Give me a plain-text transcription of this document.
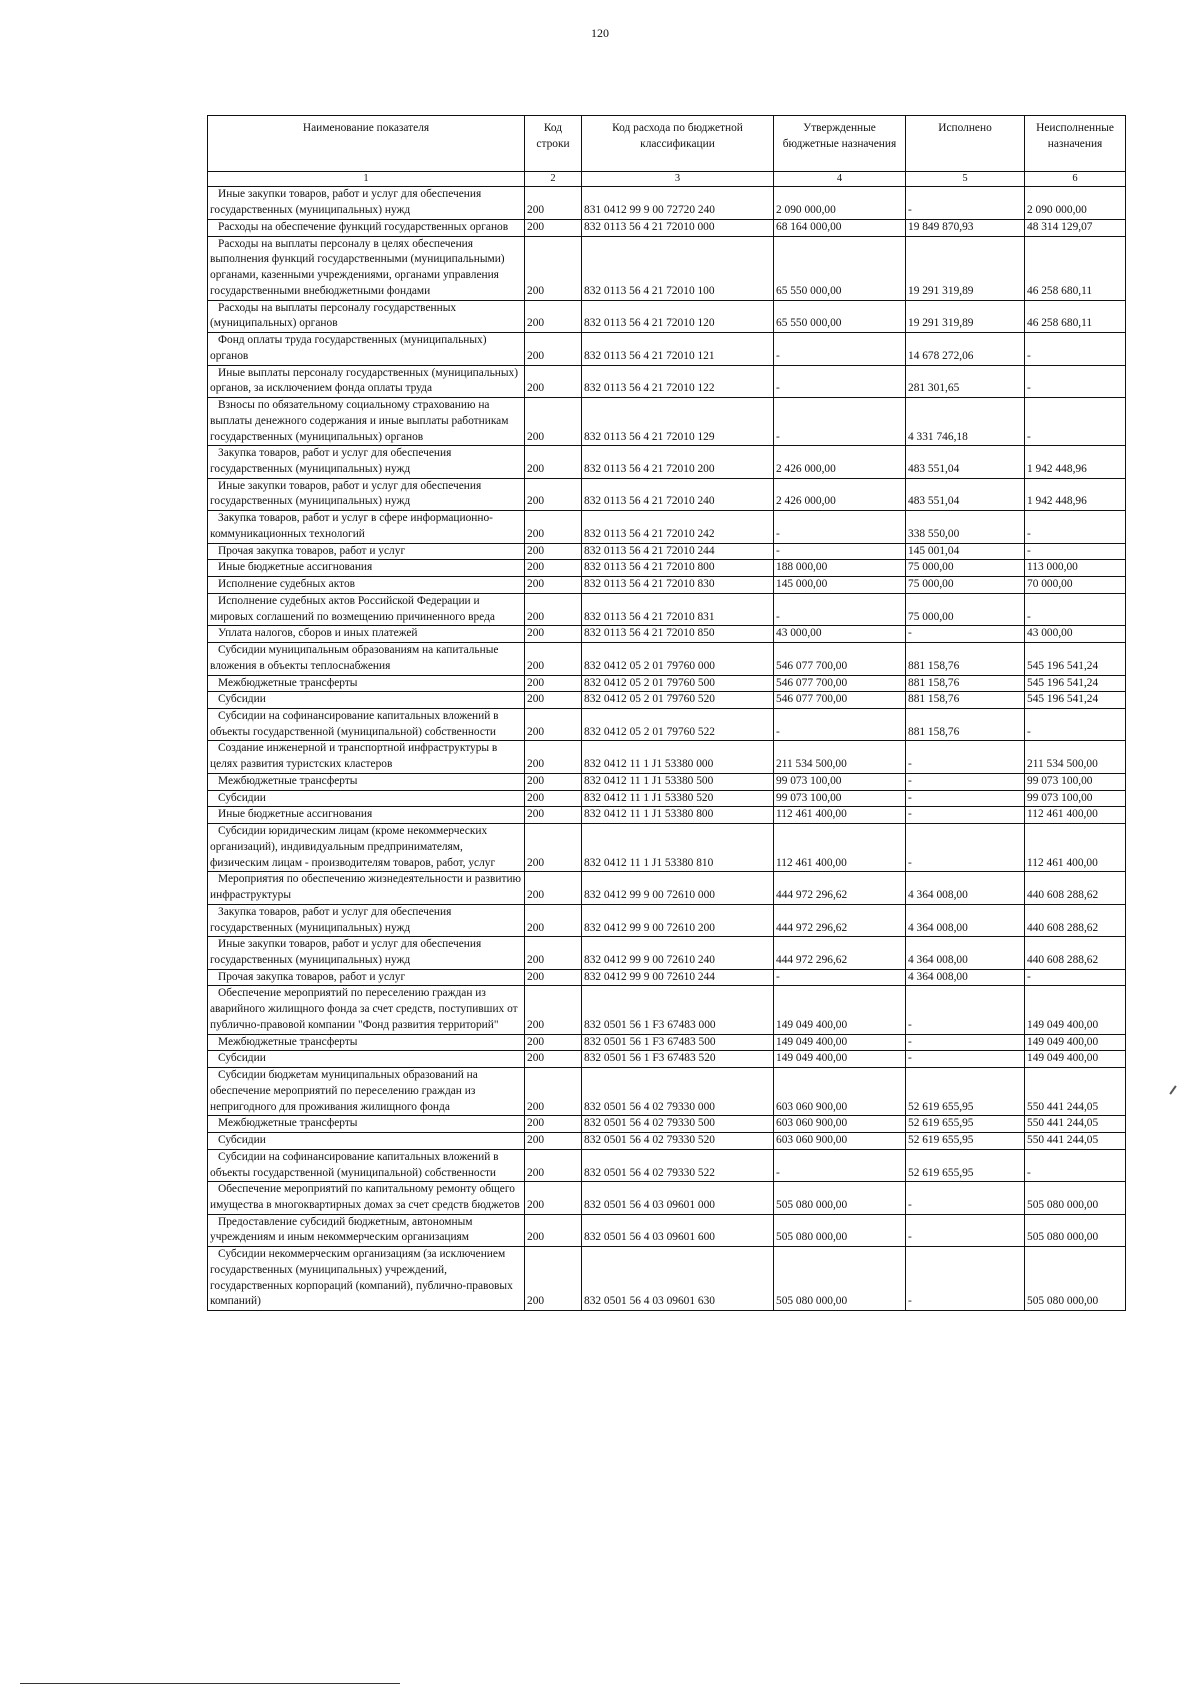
120
Наименование показателя	Код строки	Код расхода по бюджетной классификации	Утвержденные бюджетные назначения	Исполнено	Неисполненные назначения
1	2	3	4	5	6
Иные закупки товаров, работ и услуг для обеспечения государственных (муниципальных) нужд	200	831 0412 99 9 00 72720 240	2 090 000,00	-	2 090 000,00
Расходы на обеспечение функций государственных органов	200	832 0113 56 4 21 72010 000	68 164 000,00	19 849 870,93	48 314 129,07
Расходы на выплаты персоналу в целях обеспечения выполнения функций государственными (муниципальными) органами, казенными учреждениями, органами управления государственными внебюджетными фондами	200	832 0113 56 4 21 72010 100	65 550 000,00	19 291 319,89	46 258 680,11
Расходы на выплаты персоналу государственных (муниципальных) органов	200	832 0113 56 4 21 72010 120	65 550 000,00	19 291 319,89	46 258 680,11
Фонд оплаты труда государственных (муниципальных) органов	200	832 0113 56 4 21 72010 121	-	14 678 272,06	-
Иные выплаты персоналу государственных (муниципальных) органов, за исключением фонда оплаты труда	200	832 0113 56 4 21 72010 122	-	281 301,65	-
Взносы по обязательному социальному страхованию на выплаты денежного содержания и иные выплаты работникам государственных (муниципальных) органов	200	832 0113 56 4 21 72010 129	-	4 331 746,18	-
Закупка товаров, работ и услуг для обеспечения государственных (муниципальных) нужд	200	832 0113 56 4 21 72010 200	2 426 000,00	483 551,04	1 942 448,96
Иные закупки товаров, работ и услуг для обеспечения государственных (муниципальных) нужд	200	832 0113 56 4 21 72010 240	2 426 000,00	483 551,04	1 942 448,96
Закупка товаров, работ и услуг в сфере информационно-коммуникационных технологий	200	832 0113 56 4 21 72010 242	-	338 550,00	-
Прочая закупка товаров, работ и услуг	200	832 0113 56 4 21 72010 244	-	145 001,04	-
Иные бюджетные ассигнования	200	832 0113 56 4 21 72010 800	188 000,00	75 000,00	113 000,00
Исполнение судебных актов	200	832 0113 56 4 21 72010 830	145 000,00	75 000,00	70 000,00
Исполнение судебных актов Российской Федерации и мировых соглашений по возмещению причиненного вреда	200	832 0113 56 4 21 72010 831	-	75 000,00	-
Уплата налогов, сборов и иных платежей	200	832 0113 56 4 21 72010 850	43 000,00	-	43 000,00
Субсидии муниципальным образованиям на капитальные вложения в объекты теплоснабжения	200	832 0412 05 2 01 79760 000	546 077 700,00	881 158,76	545 196 541,24
Межбюджетные трансферты	200	832 0412 05 2 01 79760 500	546 077 700,00	881 158,76	545 196 541,24
Субсидии	200	832 0412 05 2 01 79760 520	546 077 700,00	881 158,76	545 196 541,24
Субсидии на софинансирование капитальных вложений в объекты государственной (муниципальной) собственности	200	832 0412 05 2 01 79760 522	-	881 158,76	-
Создание инженерной и транспортной инфраструктуры в целях развития туристских кластеров	200	832 0412 11 1 J1 53380 000	211 534 500,00	-	211 534 500,00
Межбюджетные трансферты	200	832 0412 11 1 J1 53380 500	99 073 100,00	-	99 073 100,00
Субсидии	200	832 0412 11 1 J1 53380 520	99 073 100,00	-	99 073 100,00
Иные бюджетные ассигнования	200	832 0412 11 1 J1 53380 800	112 461 400,00	-	112 461 400,00
Субсидии юридическим лицам (кроме некоммерческих организаций), индивидуальным предпринимателям, физическим лицам - производителям товаров, работ, услуг	200	832 0412 11 1 J1 53380 810	112 461 400,00	-	112 461 400,00
Мероприятия по обеспечению жизнедеятельности и развитию инфраструктуры	200	832 0412 99 9 00 72610 000	444 972 296,62	4 364 008,00	440 608 288,62
Закупка товаров, работ и услуг для обеспечения государственных (муниципальных) нужд	200	832 0412 99 9 00 72610 200	444 972 296,62	4 364 008,00	440 608 288,62
Иные закупки товаров, работ и услуг для обеспечения государственных (муниципальных) нужд	200	832 0412 99 9 00 72610 240	444 972 296,62	4 364 008,00	440 608 288,62
Прочая закупка товаров, работ и услуг	200	832 0412 99 9 00 72610 244	-	4 364 008,00	-
Обеспечение мероприятий по переселению граждан из аварийного жилищного фонда за счет средств, поступивших от публично-правовой компании "Фонд развития территорий"	200	832 0501 56 1 F3 67483 000	149 049 400,00	-	149 049 400,00
Межбюджетные трансферты	200	832 0501 56 1 F3 67483 500	149 049 400,00	-	149 049 400,00
Субсидии	200	832 0501 56 1 F3 67483 520	149 049 400,00	-	149 049 400,00
Субсидии бюджетам муниципальных образований на обеспечение мероприятий по переселению граждан из непригодного для проживания жилищного фонда	200	832 0501 56 4 02 79330 000	603 060 900,00	52 619 655,95	550 441 244,05
Межбюджетные трансферты	200	832 0501 56 4 02 79330 500	603 060 900,00	52 619 655,95	550 441 244,05
Субсидии	200	832 0501 56 4 02 79330 520	603 060 900,00	52 619 655,95	550 441 244,05
Субсидии на софинансирование капитальных вложений в объекты государственной (муниципальной) собственности	200	832 0501 56 4 02 79330 522	-	52 619 655,95	-
Обеспечение мероприятий по капитальному ремонту общего имущества в многоквартирных домах за счет средств бюджетов	200	832 0501 56 4 03 09601 000	505 080 000,00	-	505 080 000,00
Предоставление субсидий бюджетным, автономным учреждениям и иным некоммерческим организациям	200	832 0501 56 4 03 09601 600	505 080 000,00	-	505 080 000,00
Субсидии некоммерческим организациям (за исключением государственных (муниципальных) учреждений, государственных корпораций (компаний), публично-правовых компаний)	200	832 0501 56 4 03 09601 630	505 080 000,00	-	505 080 000,00
